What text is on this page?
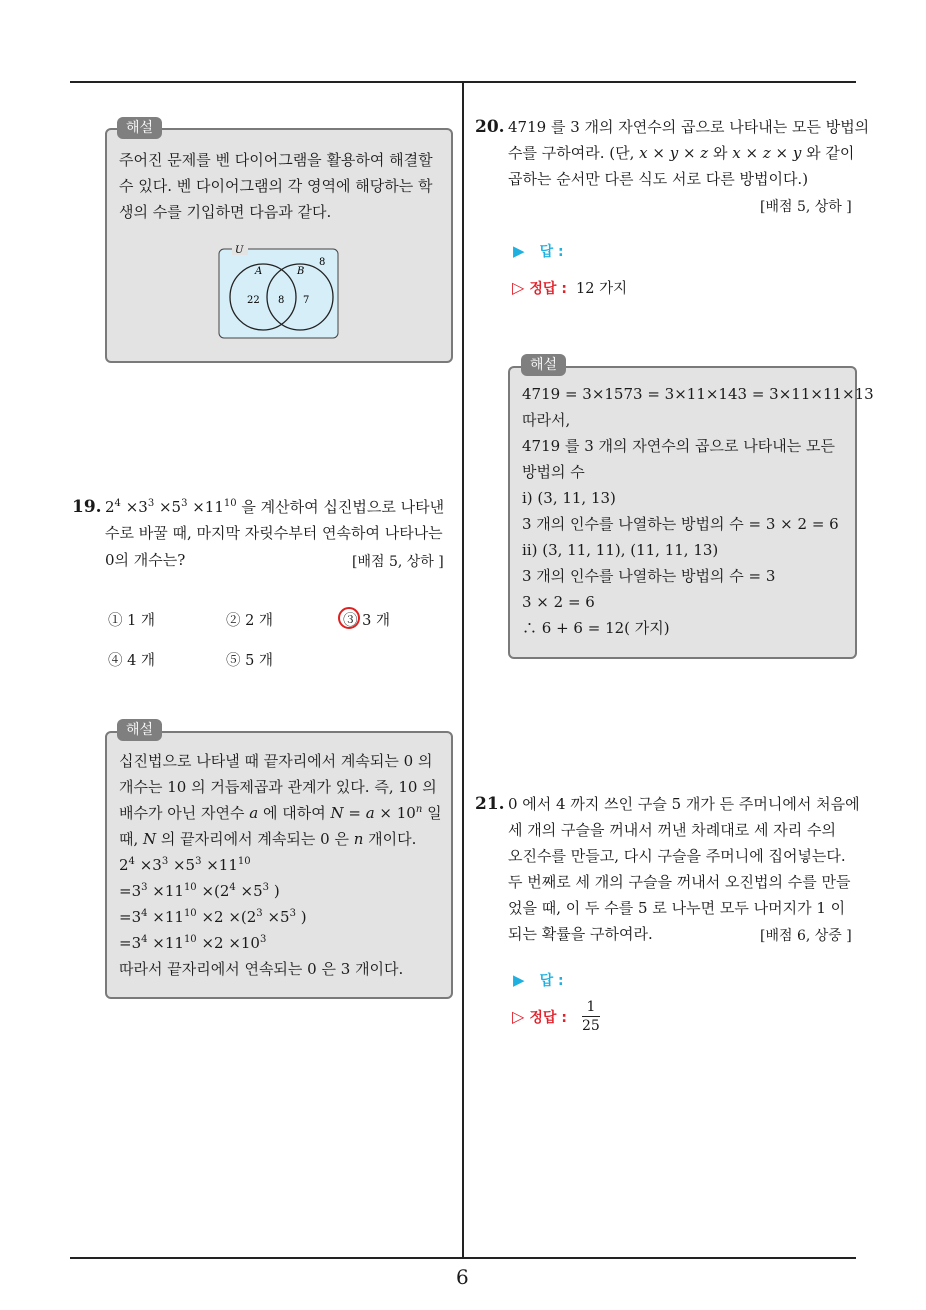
해설
주어진 문제를 벤 다이어그램을 활용하여 해결할
수 있다. 벤 다이어그램의 각 영역에 해당하는 학
생의 수를 기입하면 다음과 같다.
U
A	B
8
22 8 7
19. $2^4 \times 3^3 \times 5^3 \times 11^{10}$ 을 계산하여 십진법으로 나타낸
수로 바꿀 때, 마지막 자릿수부터 연속하여 나타나는
0의 개수는?	[배점 5, 상하 ]
① 1 개	② 2 개	③ 3 개
④ 4 개	⑤ 5 개
해설
십진법으로 나타낼 때 끝자리에서 계속되는 0 의
개수는 10 의 거듭제곱과 관계가 있다. 즉, 10 의
배수가 아닌 자연수 a 에 대하여 $N = a \times 10^n$ 일
때, N 의 끝자리에서 계속되는 0 은 n 개이다.
$2^4 \times 3^3 \times 5^3 \times 11^{10}$
$=3^3 \times 11^{10} \times(2^4 \times 5^3$ )
$=3^4 \times 11^{10} \times 2 \times(2^3 \times 5^3$ )
$=3^4 \times 11^{10} \times 2 \times 10^3$
따라서 끝자리에서 연속되는 0 은 3 개이다.
20. 4719 를 3 개의 자연수의 곱으로 나타내는 모든 방법의
수를 구하여라. (단, x × y × z 와 x × z × y 와 같이
곱하는 순서만 다른 식도 서로 다른 방법이다.)
[배점 5, 상하 ]
▶ 답 :
▷ 정답 : 12 가지
해설
4719 = 3×1573 = 3×11×143 = 3×11×11×13
따라서,
4719 를 3 개의 자연수의 곱으로 나타내는 모든
방법의 수
ⅰ) (3, 11, 13)
3 개의 인수를 나열하는 방법의 수 = 3 × 2 = 6
ⅱ) (3, 11, 11), (11, 11, 13)
3 개의 인수를 나열하는 방법의 수 = 3
3 × 2 = 6
∴ 6 + 6 = 12( 가지)
21. 0 에서 4 까지 쓰인 구슬 5 개가 든 주머니에서 처음에
세 개의 구슬을 꺼내서 꺼낸 차례대로 세 자리 수의
오진수를 만들고, 다시 구슬을 주머니에 집어넣는다.
두 번째로 세 개의 구슬을 꺼내서 오진법의 수를 만들
었을 때, 이 두 수를 5 로 나누면 모두 나머지가 1 이
되는 확률을 구하여라.	[배점 6, 상중 ]
▶ 답 :
▷ 정답 : $\frac{1}{25}$
6
